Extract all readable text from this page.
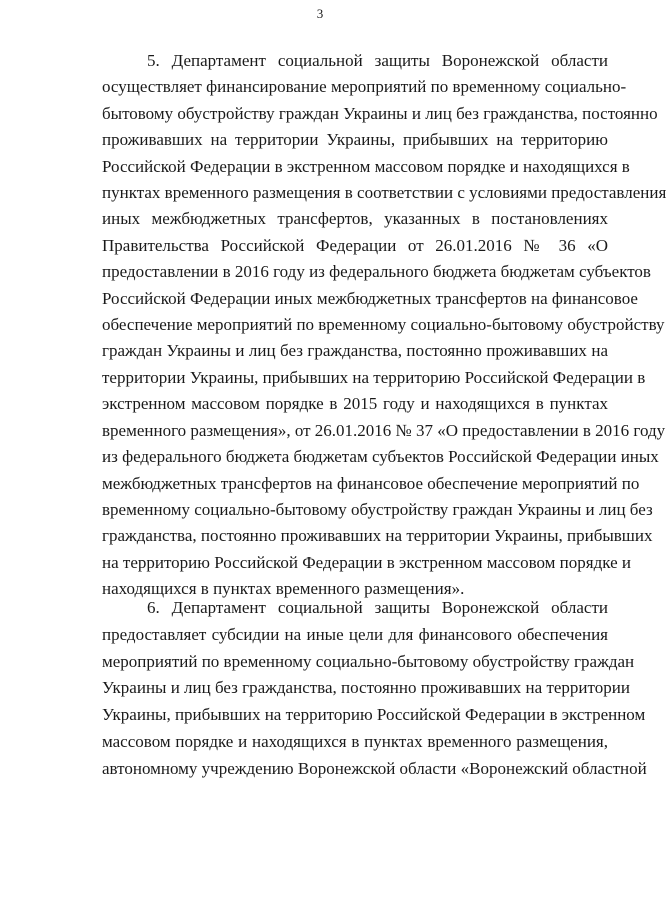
3
5. Департамент социальной защиты Воронежской области
осуществляет финансирование мероприятий по временному социально-
бытовому обустройству граждан Украины и лиц без гражданства, постоянно
проживавших на территории Украины, прибывших на территорию
Российской Федерации в экстренном массовом порядке и находящихся в
пунктах временного размещения в соответствии с условиями предоставления
иных межбюджетных трансфертов, указанных в постановлениях
Правительства Российской Федерации от 26.01.2016 № 36 «О
предоставлении в 2016 году из федерального бюджета бюджетам субъектов
Российской Федерации иных межбюджетных трансфертов на финансовое
обеспечение мероприятий по временному социально-бытовому обустройству
граждан Украины и лиц без гражданства, постоянно проживавших на
территории Украины, прибывших на территорию Российской Федерации в
экстренном массовом порядке в 2015 году и находящихся в пунктах
временного размещения», от 26.01.2016 № 37 «О предоставлении в 2016 году
из федерального бюджета бюджетам субъектов Российской Федерации иных
межбюджетных трансфертов на финансовое обеспечение мероприятий по
временному социально-бытовому обустройству граждан Украины и лиц без
гражданства, постоянно проживавших на территории Украины, прибывших
на территорию Российской Федерации в экстренном массовом порядке и
находящихся в пунктах временного размещения».
6. Департамент социальной защиты Воронежской области
предоставляет субсидии на иные цели для финансового обеспечения
мероприятий по временному социально-бытовому обустройству граждан
Украины и лиц без гражданства, постоянно проживавших на территории
Украины, прибывших на территорию Российской Федерации в экстренном
массовом порядке и находящихся в пунктах временного размещения,
автономному учреждению Воронежской области «Воронежский областной
